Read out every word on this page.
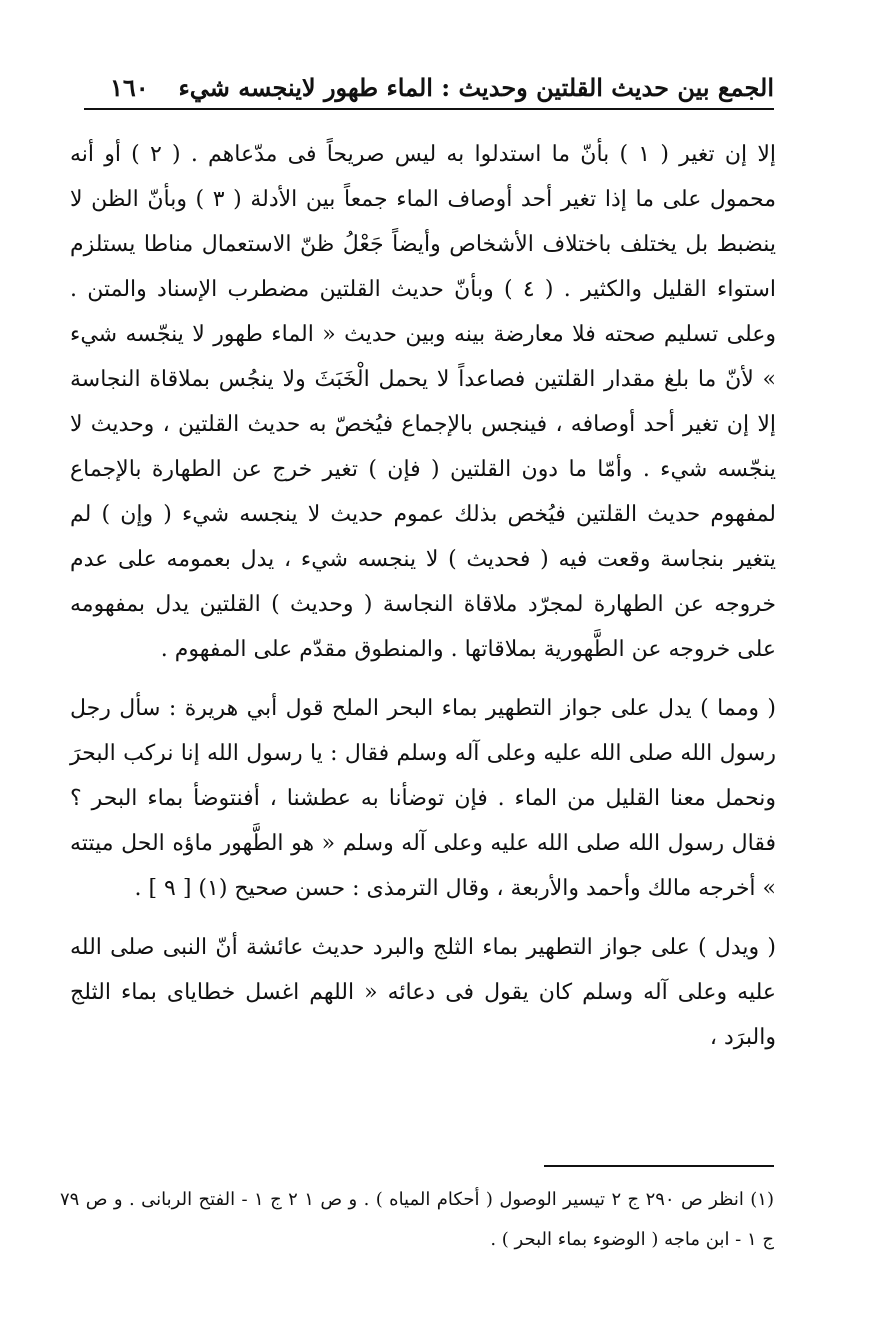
الجمع بين حديث القلتين وحديث : الماء طهور لاينجسه شيء
١٦٠

إلا إن تغير ( ١ ) بأنّ ما استدلوا به ليس صريحاً فى مدّعاهم . ( ٢ ) أو أنه محمول على ما إذا تغير أحد أوصاف الماء جمعاً بين الأدلة ( ٣ ) وبأنّ الظن لا ينضبط بل يختلف باختلاف الأشخاص وأيضاً جَعْلُ ظنّ الاستعمال مناطا يستلزم استواء القليل والكثير . ( ٤ ) وبأنّ حديث القلتين مضطرب الإسناد والمتن . وعلى تسليم صحته فلا معارضة بينه وبين حديث « الماء طهور لا ينجّسه شيء » لأنّ ما بلغ مقدار القلتين فصاعداً لا يحمل الْخَبَثَ ولا ينجُس بملاقاة النجاسة إلا إن تغير أحد أوصافه ، فينجس بالإجماع فيُخصّ به حديث القلتين ، وحديث لا ينجّسه شيء . وأمّا ما دون القلتين ( فإن ) تغير خرج عن الطهارة بالإجماع لمفهوم حديث القلتين فيُخص بذلك عموم حديث لا ينجسه شيء ( وإن ) لم يتغير بنجاسة وقعت فيه ( فحديث ) لا ينجسه شيء ، يدل بعمومه على عدم خروجه عن الطهارة لمجرّد ملاقاة النجاسة ( وحديث ) القلتين يدل بمفهومه على خروجه عن الطَّهورية بملاقاتها . والمنطوق مقدّم على المفهوم .

( ومما ) يدل على جواز التطهير بماء البحر الملح قول أبي هريرة : سأل رجل رسول الله صلى الله عليه وعلى آله وسلم فقال : يا رسول الله إنا نركب البحرَ ونحمل معنا القليل من الماء . فإن توضأنا به عطشنا ، أفنتوضأ بماء البحر ؟ فقال رسول الله صلى الله عليه وعلى آله وسلم « هو الطَّهور ماؤه الحل ميتته » أخرجه مالك وأحمد والأربعة ، وقال الترمذى : حسن صحيح (١) [ ٩ ] .

( ويدل ) على جواز التطهير بماء الثلج والبرد حديث عائشة أنّ النبى صلى الله عليه وعلى آله وسلم كان يقول فى دعائه « اللهم اغسل خطاياى بماء الثلج والبرَد ،

(١) انظر ص ٢٩٠ ج ٢ تيسير الوصول ( أحكام المياه ) . و ص ١ ٢ ج ١ - الفتح الربانى . و ص ٧٩ ج ١ - ابن ماجه ( الوضوء بماء البحر ) .
